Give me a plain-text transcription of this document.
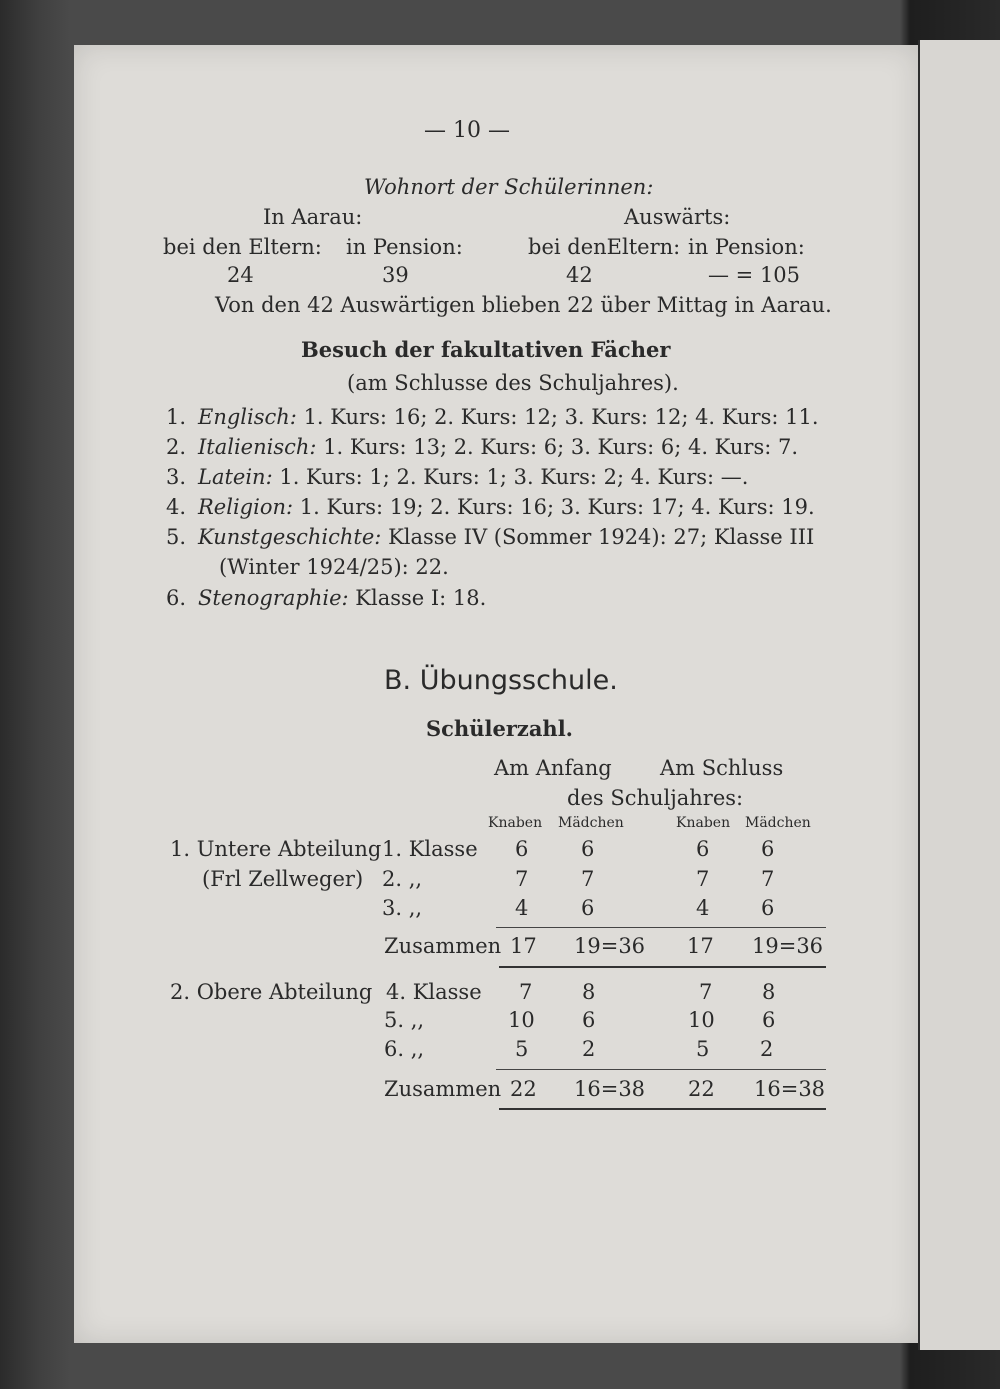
— 10 —
Wohnort der Schülerinnen:
In Aarau:	Auswärts:
bei den Eltern: in Pension:	bei denEltern: in Pension:
24	39	42	— = 105
Von den 42 Auswärtigen blieben 22 über Mittag in Aarau.
Besuch der fakultativen Fächer
(am Schlusse des Schuljahres).
1. Englisch: 1. Kurs: 16; 2. Kurs: 12; 3. Kurs: 12; 4. Kurs: 11.
2. Italienisch: 1. Kurs: 13; 2. Kurs: 6; 3. Kurs: 6; 4. Kurs: 7.
3. Latein: 1. Kurs: 1; 2. Kurs: 1; 3. Kurs: 2; 4. Kurs: —.
4. Religion: 1. Kurs: 19; 2. Kurs: 16; 3. Kurs: 17; 4. Kurs: 19.
5. Kunstgeschichte: Klasse IV (Sommer 1924): 27; Klasse III
(Winter 1924/25): 22.
6. Stenographie: Klasse I: 18.
B. Übungsschule.
Schülerzahl.
Am Anfang Am Schluss
des Schuljahres:
Knaben Mädchen	Knaben Mädchen
1. Untere Abteilung
(Frl Zellweger)
1. Klasse 6	6	6 6
2. ,,	7	7	7 7
3. ,,	4	6	4 6
Zusammen 17 19=36 17 19=36
2. Obere Abteilung 4. Klasse 7 8	7 8
5. ,,	10 6	10 6
6. ,,	5	2	5 2
Zusammen 22 16=38 22 16=38
